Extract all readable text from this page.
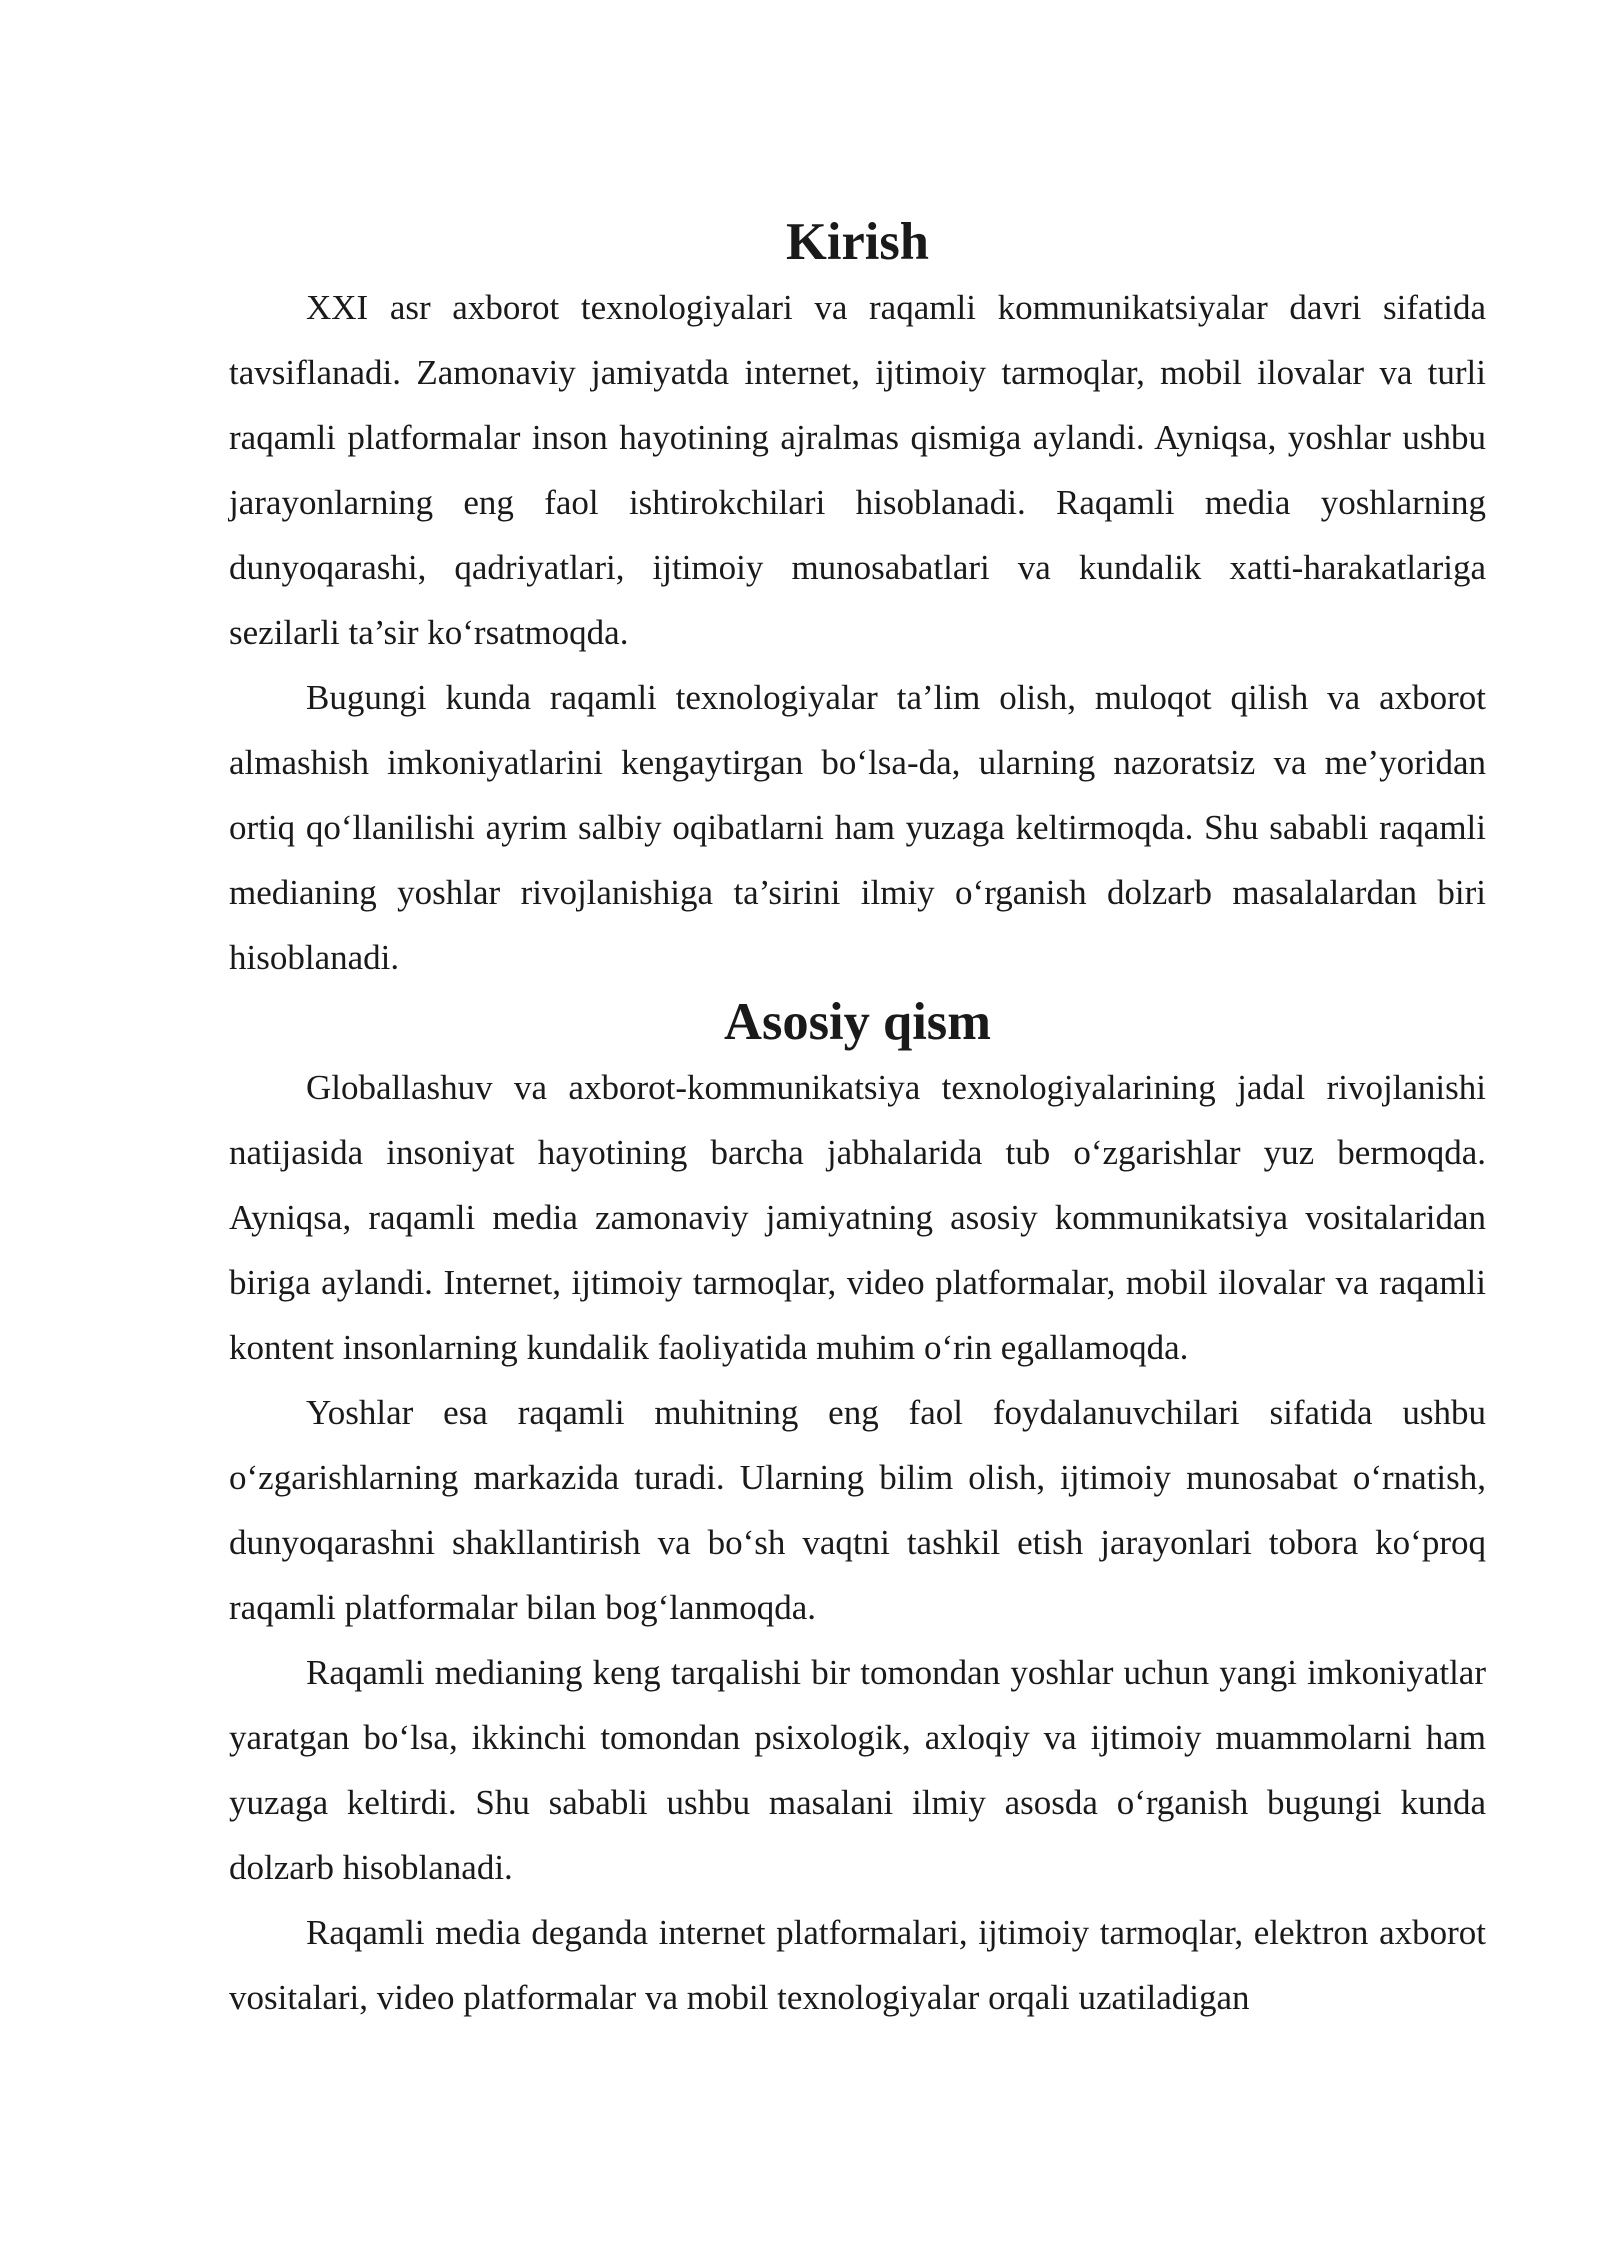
Kirish

XXI asr axborot texnologiyalari va raqamli kommunikatsiyalar davri sifatida tavsiflanadi. Zamonaviy jamiyatda internet, ijtimoiy tarmoqlar, mobil ilovalar va turli raqamli platformalar inson hayotining ajralmas qismiga aylandi. Ayniqsa, yoshlar ushbu jarayonlarning eng faol ishtirokchilari hisoblanadi. Raqamli media yoshlarning dunyoqarashi, qadriyatlari, ijtimoiy munosabatlari va kundalik xatti-harakatlariga sezilarli ta’sir ko‘rsatmoqda.

Bugungi kunda raqamli texnologiyalar ta’lim olish, muloqot qilish va axborot almashish imkoniyatlarini kengaytirgan bo‘lsa-da, ularning nazoratsiz va me’yoridan ortiq qo‘llanilishi ayrim salbiy oqibatlarni ham yuzaga keltirmoqda. Shu sababli raqamli medianing yoshlar rivojlanishiga ta’sirini ilmiy o‘rganish dolzarb masalalardan biri hisoblanadi.

Asosiy qism

Globallashuv va axborot-kommunikatsiya texnologiyalarining jadal rivojlanishi natijasida insoniyat hayotining barcha jabhalarida tub o‘zgarishlar yuz bermoqda. Ayniqsa, raqamli media zamonaviy jamiyatning asosiy kommunikatsiya vositalaridan biriga aylandi. Internet, ijtimoiy tarmoqlar, video platformalar, mobil ilovalar va raqamli kontent insonlarning kundalik faoliyatida muhim o‘rin egallamoqda.

Yoshlar esa raqamli muhitning eng faol foydalanuvchilari sifatida ushbu o‘zgarishlarning markazida turadi. Ularning bilim olish, ijtimoiy munosabat o‘rnatish, dunyoqarashni shakllantirish va bo‘sh vaqtni tashkil etish jarayonlari tobora ko‘proq raqamli platformalar bilan bog‘lanmoqda.

Raqamli medianing keng tarqalishi bir tomondan yoshlar uchun yangi imkoniyatlar yaratgan bo‘lsa, ikkinchi tomondan psixologik, axloqiy va ijtimoiy muammolarni ham yuzaga keltirdi. Shu sababli ushbu masalani ilmiy asosda o‘rganish bugungi kunda dolzarb hisoblanadi.

Raqamli media deganda internet platformalari, ijtimoiy tarmoqlar, elektron axborot vositalari, video platformalar va mobil texnologiyalar orqali uzatiladigan
